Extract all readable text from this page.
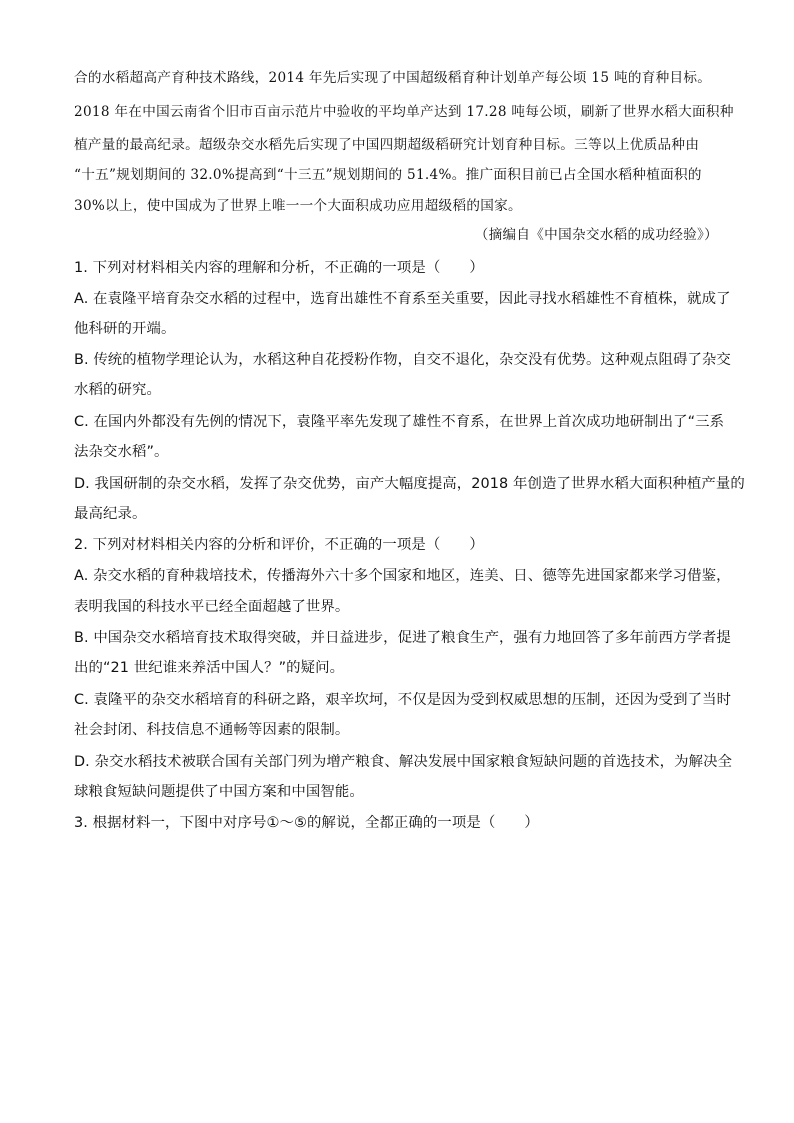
合的水稻超高产育种技术路线，2014 年先后实现了中国超级稻育种计划单产每公顷 15 吨的育种目标。
2018 年在中国云南省个旧市百亩示范片中验收的平均单产达到 17.28 吨每公顷，刷新了世界水稻大面积种
植产量的最高纪录。超级杂交水稻先后实现了中国四期超级稻研究计划育种目标。三等以上优质品种由
“十五”规划期间的 32.0%提高到“十三五”规划期间的 51.4%。推广面积目前已占全国水稻种植面积的
30%以上，使中国成为了世界上唯一一个大面积成功应用超级稻的国家。
（摘编自《中国杂交水稻的成功经验》）
1. 下列对材料相关内容的理解和分析，不正确的一项是（　　）
A. 在袁隆平培育杂交水稻的过程中，选育出雄性不育系至关重要，因此寻找水稻雄性不育植株，就成了
他科研的开端。
B. 传统的植物学理论认为，水稻这种自花授粉作物，自交不退化，杂交没有优势。这种观点阻碍了杂交
水稻的研究。
C. 在国内外都没有先例的情况下，袁隆平率先发现了雄性不育系，在世界上首次成功地研制出了“三系
法杂交水稻”。
D. 我国研制的杂交水稻，发挥了杂交优势，亩产大幅度提高，2018 年创造了世界水稻大面积种植产量的
最高纪录。
2. 下列对材料相关内容的分析和评价，不正确的一项是（　　）
A. 杂交水稻的育种栽培技术，传播海外六十多个国家和地区，连美、日、德等先进国家都来学习借鉴，
表明我国的科技水平已经全面超越了世界。
B. 中国杂交水稻培育技术取得突破，并日益进步，促进了粮食生产，强有力地回答了多年前西方学者提
出的“21 世纪谁来养活中国人？”的疑问。
C. 袁隆平的杂交水稻培育的科研之路，艰辛坎坷，不仅是因为受到权威思想的压制，还因为受到了当时
社会封闭、科技信息不通畅等因素的限制。
D. 杂交水稻技术被联合国有关部门列为增产粮食、解决发展中国家粮食短缺问题的首选技术，为解决全
球粮食短缺问题提供了中国方案和中国智能。
3. 根据材料一，下图中对序号①～⑤的解说，全都正确的一项是（　　）
